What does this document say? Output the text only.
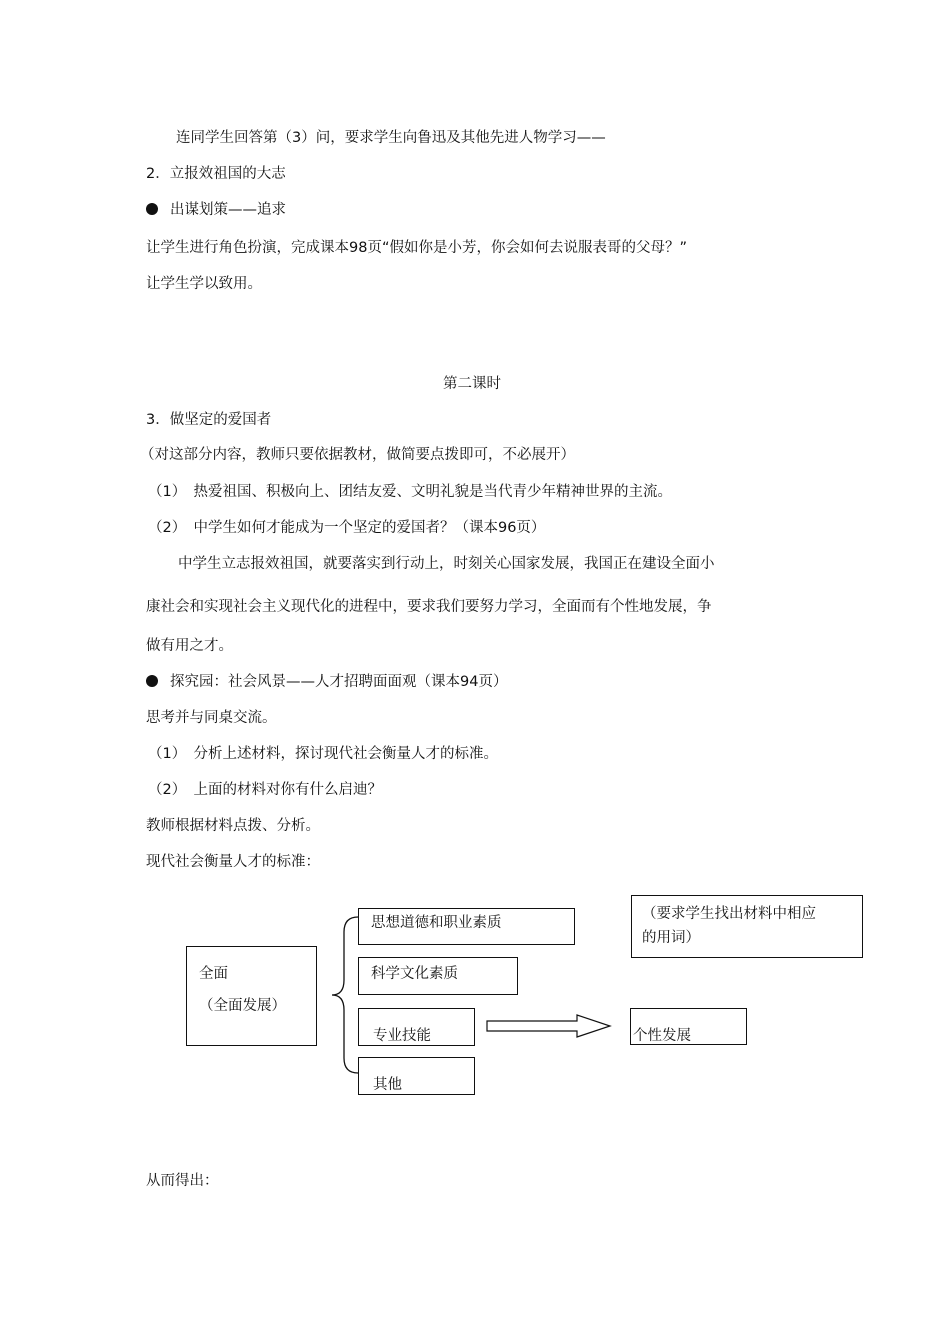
连同学生回答第（3）问，要求学生向鲁迅及其他先进人物学习——
2．立报效祖国的大志
出谋划策——追求
让学生进行角色扮演，完成课本98页“假如你是小芳，你会如何去说服表哥的父母？”
让学生学以致用。
第二课时
3．做坚定的爱国者
（对这部分内容，教师只要依据教材，做简要点拨即可，不必展开）
（1）　热爱祖国、积极向上、团结友爱、文明礼貌是当代青少年精神世界的主流。
（2）　中学生如何才能成为一个坚定的爱国者？（课本96页）
中学生立志报效祖国，就要落实到行动上，时刻关心国家发展，我国正在建设全面小
康社会和实现社会主义现代化的进程中，要求我们要努力学习，全面而有个性地发展，争
做有用之才。
探究园：社会风景——人才招聘面面观（课本94页）
思考并与同桌交流。
（1）　分析上述材料，探讨现代社会衡量人才的标准。
（2）　上面的材料对你有什么启迪？
教师根据材料点拨、分析。
现代社会衡量人才的标准：
全面
（全面发展）
思想道德和职业素质
科学文化素质
专业技能
其他
个性发展
（要求学生找出材料中相应
的用词）
从而得出：
